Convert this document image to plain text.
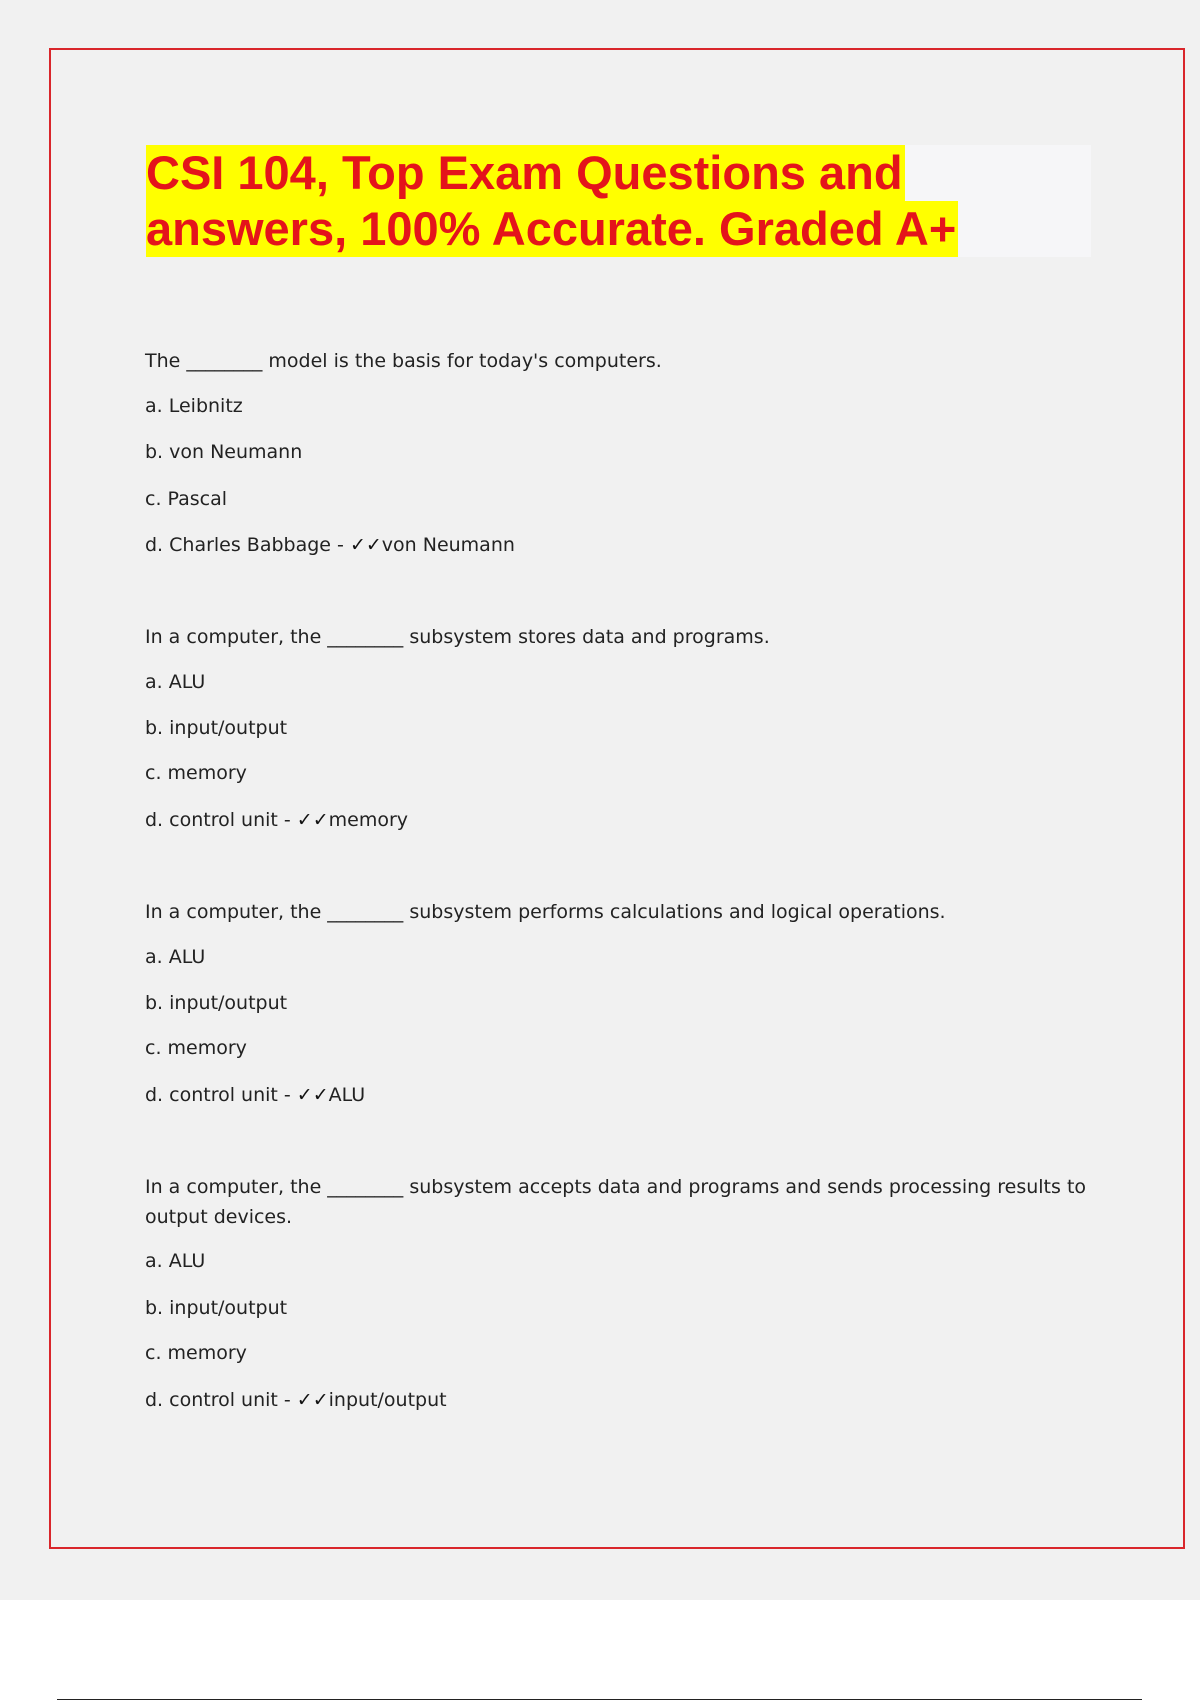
CSI 104, Top Exam Questions and
answers, 100% Accurate. Graded A+
The ________ model is the basis for today's computers.
a. Leibnitz
b. von Neumann
c. Pascal
d. Charles Babbage - ✓✓von Neumann
In a computer, the ________ subsystem stores data and programs.
a. ALU
b. input/output
c. memory
d. control unit - ✓✓memory
In a computer, the ________ subsystem performs calculations and logical operations.
a. ALU
b. input/output
c. memory
d. control unit - ✓✓ALU
In a computer, the ________ subsystem accepts data and programs and sends processing results to
output devices.
a. ALU
b. input/output
c. memory
d. control unit - ✓✓input/output
